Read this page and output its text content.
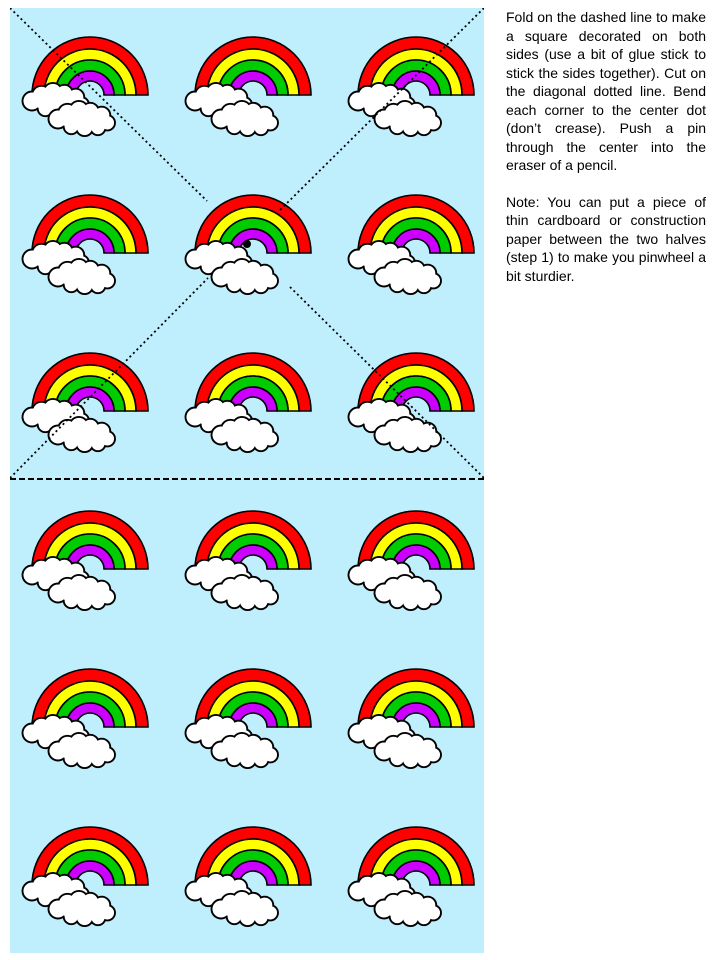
Fold on the dashed line to make a square decorated on both sides (use a bit of glue stick to stick the sides together). Cut on the diagonal dotted line. Bend each corner to the center dot (don’t crease). Push a pin through the center into the eraser of a pencil.

Note: You can put a piece of thin cardboard or construction paper between the two halves (step 1) to make you pinwheel a bit sturdier.
